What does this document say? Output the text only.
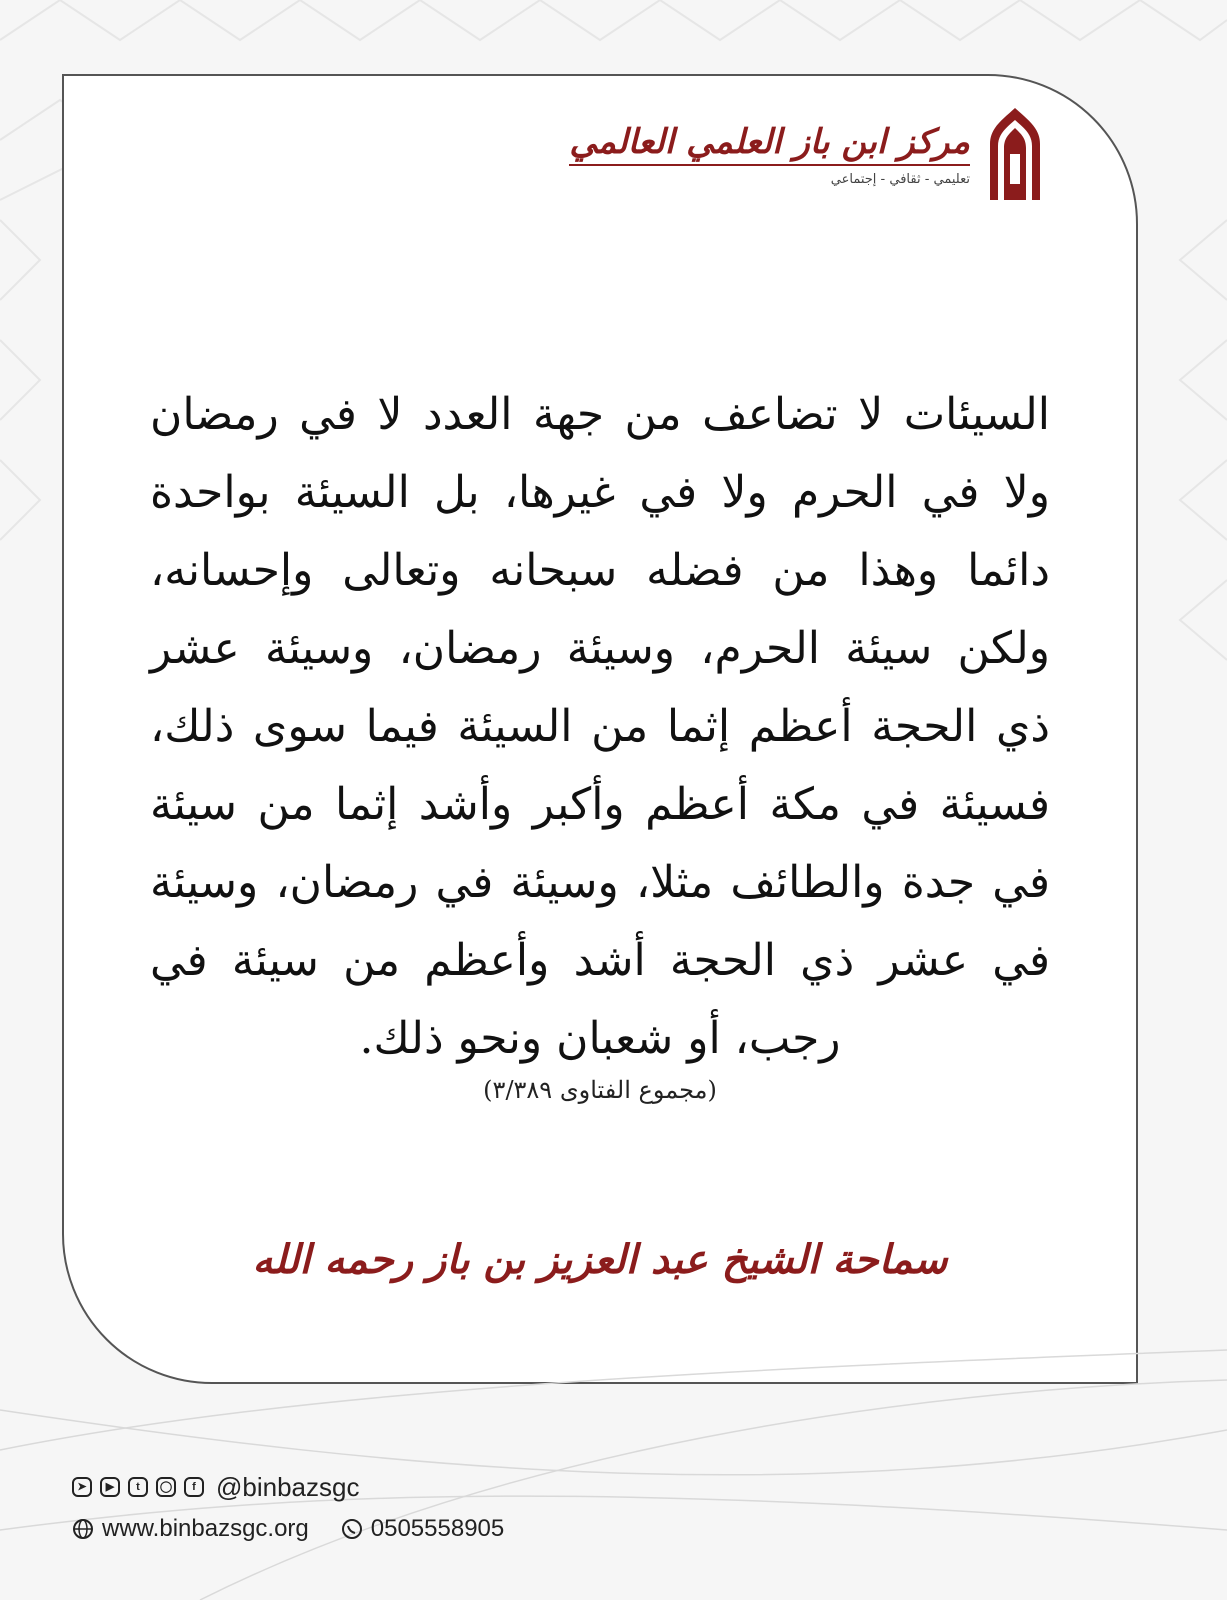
مركز ابن باز العلمي العالمي
تعليمي - ثقافي - إجتماعي
السيئات لا تضاعف من جهة العدد لا في رمضان ولا في الحرم ولا في غيرها، بل السيئة بواحدة دائما وهذا من فضله سبحانه وتعالى وإحسانه، ولكن سيئة الحرم، وسيئة رمضان، وسيئة عشر ذي الحجة أعظم إثما من السيئة فيما سوى ذلك، فسيئة في مكة أعظم وأكبر وأشد إثما من سيئة في جدة والطائف مثلا، وسيئة في رمضان، وسيئة في عشر ذي الحجة أشد وأعظم من سيئة في رجب، أو شعبان ونحو ذلك.
(مجموع الفتاوى ٣/٣٨٩)
سماحة الشيخ عبد العزيز بن باز رحمه الله
➤	▶	t	◯	f @binbazsgc
www.binbazsgc.org	0505558905
